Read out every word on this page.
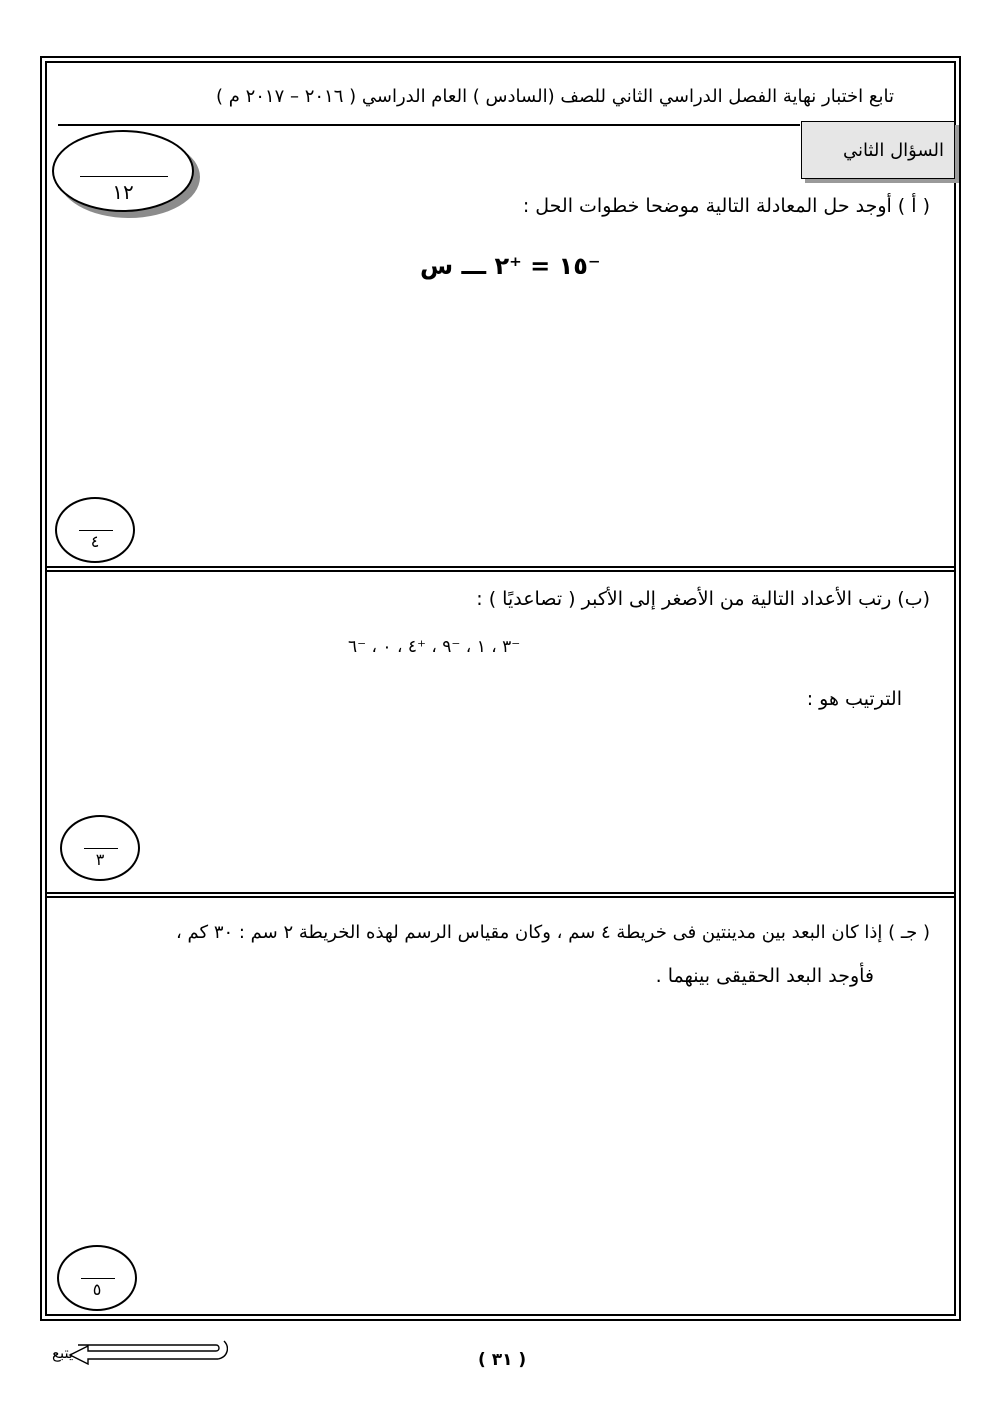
تابع اختبار نهاية الفصل الدراسي الثاني للصف (السادس ) العام الدراسي ( ٢٠١٦ – ٢٠١٧ م )
السؤال الثاني
١٢
( أ ) أوجد حل المعادلة التالية موضحا خطوات الحل :
⁻١٥ = ⁺٢ ـــ س
٤
(ب) رتب الأعداد التالية من الأصغر إلى الأكبر ( تصاعديًا ) :
⁻٣ ، ١ ، ⁻٩ ، ⁺٤ ، ٠ ، ⁻٦
الترتيب هو :
٣
( جـ ) إذا كان البعد بين مدينتين فى خريطة ٤ سم ، وكان مقياس الرسم لهذه الخريطة ٢ سم : ٣٠ كم ،
فأوجد البعد الحقيقى بينهما .
٥
يتبع	( ٣١ )
